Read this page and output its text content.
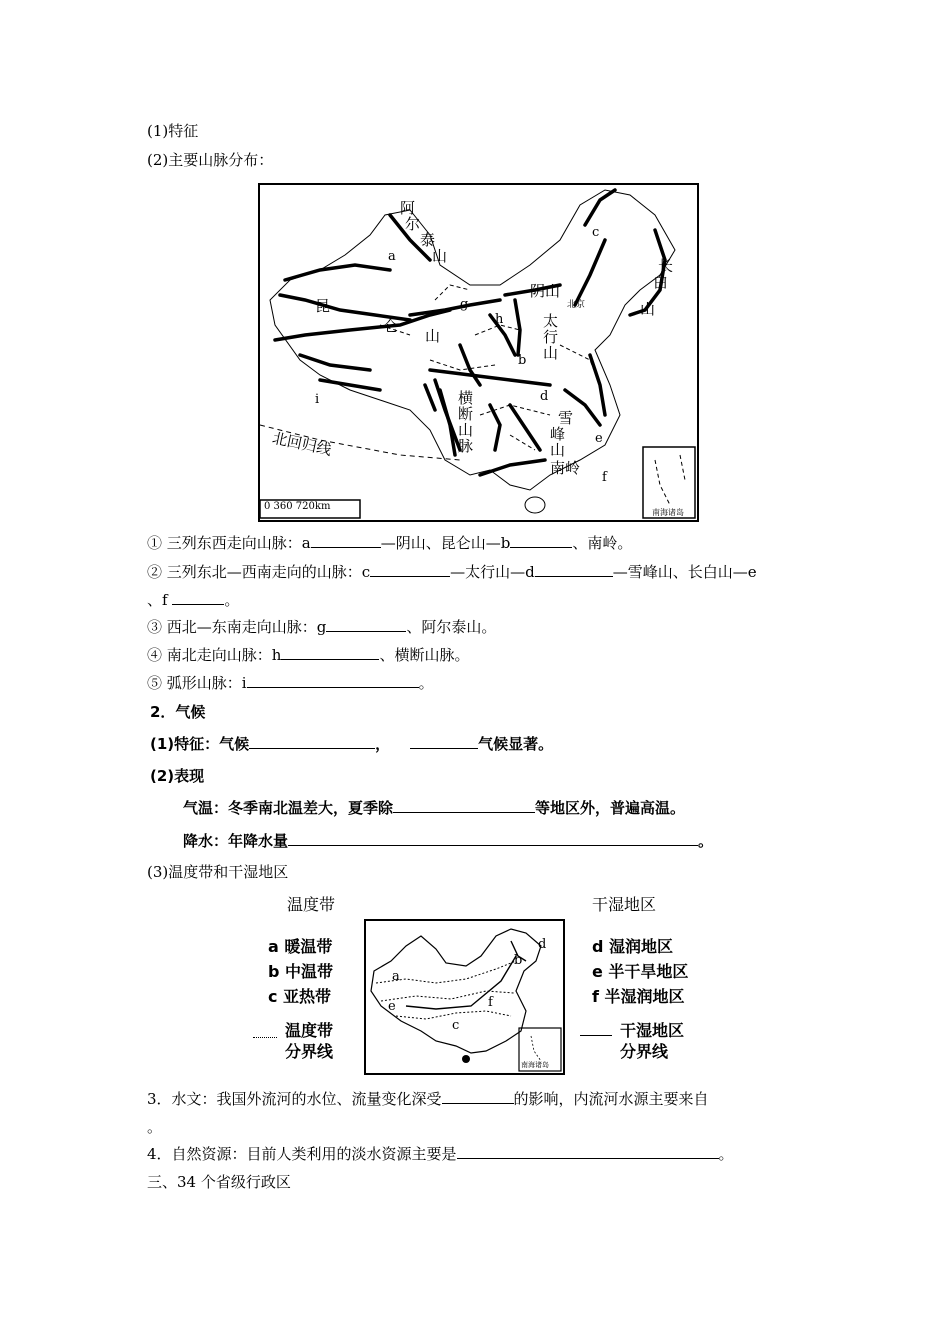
(1)特征
(2)主要山脉分布：
阿
尔
泰
山
昆
仑
山
阴山
北京
太
行
山
长
白
山
横
断
山
脉
雪
峰
山
南岭
北回归线
0 360 720km
南海诸岛
a
b
c
d
e
f
g
h
i
① 三列东西走向山脉：a	—阴山、昆仑山—b	、南岭。
② 三列东北—西南走向的山脉：c	—太行山—d	—雪峰山、长白山—e
、f	。
③ 西北—东南走向山脉：g	、阿尔泰山。
④ 南北走向山脉：h	、横断山脉。
⑤ 弧形山脉：i	。
2．气候
(1)特征：气候	，	气候显著。
(2)表现
气温：冬季南北温差大，夏季除	等地区外，普遍高温。
降水：年降水量	。
(3)温度带和干湿地区
温度带	干湿地区
a 暖温带
b 中温带
c 亚热带
d 湿润地区
e 半干旱地区
f 半湿润地区
温度带
分界线
干湿地区
分界线
a
b
c
d
e	f
南海诸岛
3．水文：我国外流河的水位、流量变化深受	的影响，内流河水源主要来自
。
4．自然资源：目前人类利用的淡水资源主要是	。
三、34 个省级行政区
